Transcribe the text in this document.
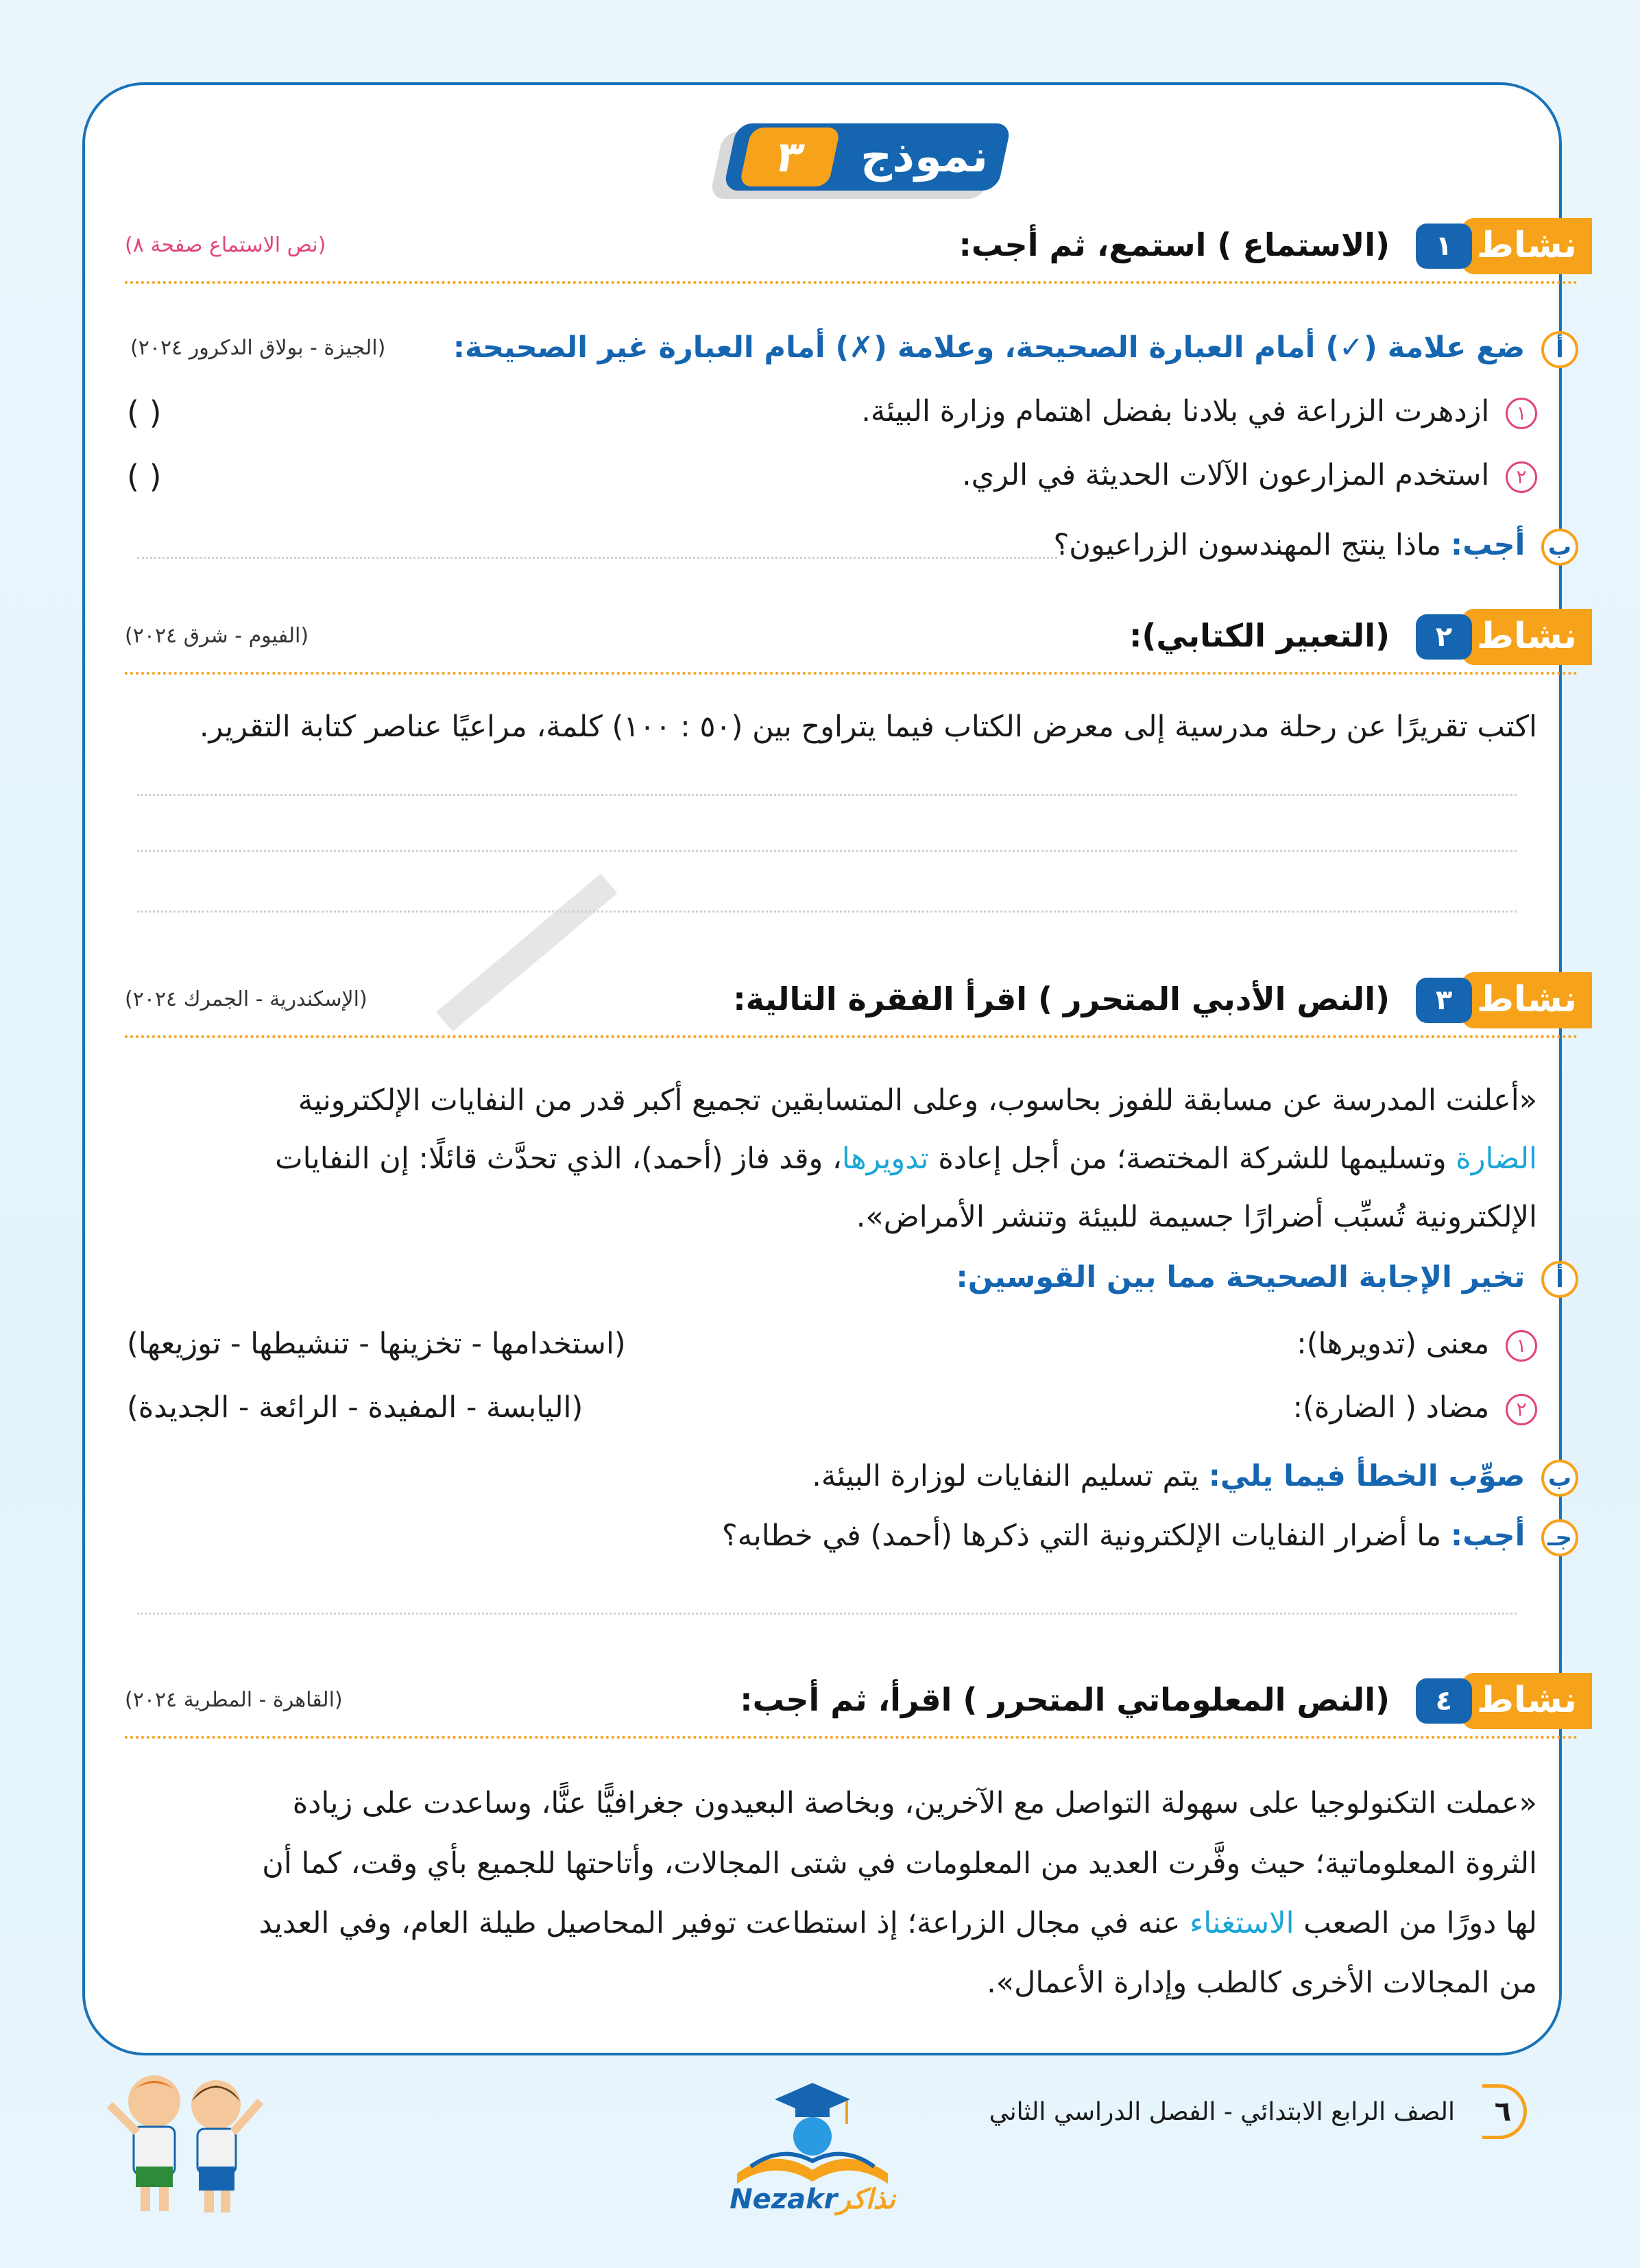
ـــ
نموذج
٣
نشاط
١
(الاستماع ) استمع، ثم أجب:
(نص الاستماع صفحة ٨)
أ ضع علامة (✓) أمام العبارة الصحيحة، وعلامة (✗) أمام العبارة غير الصحيحة:
(الجيزة - بولاق الدكرور ٢٠٢٤)
١ ازدهرت الزراعة في بلادنا بفضل اهتمام وزارة البيئة.
( )
٢ استخدم المزارعون الآلات الحديثة في الري.
( )
ب أجب: ماذا ينتج المهندسون الزراعيون؟
نشاط
٢
(التعبير الكتابي):
(الفيوم - شرق ٢٠٢٤)
اكتب تقريرًا عن رحلة مدرسية إلى معرض الكتاب فيما يتراوح بين (٥٠ : ١٠٠) كلمة، مراعيًا عناصر كتابة التقرير.
نشاط
٣
(النص الأدبي المتحرر ) اقرأ الفقرة التالية:
(الإسكندرية - الجمرك ٢٠٢٤)
«أعلنت المدرسة عن مسابقة للفوز بحاسوب، وعلى المتسابقين تجميع أكبر قدر من النفايات الإلكترونية
الضارة وتسليمها للشركة المختصة؛ من أجل إعادة تدويرها، وقد فاز (أحمد)، الذي تحدَّث قائلًا: إن النفايات
الإلكترونية تُسبِّب أضرارًا جسيمة للبيئة وتنشر الأمراض».
أ تخير الإجابة الصحيحة مما بين القوسين:
١ معنى (تدويرها):
(استخدامها - تخزينها - تنشيطها - توزيعها)
٢ مضاد ( الضارة):
(اليابسة - المفيدة - الرائعة - الجديدة)
ب صوِّب الخطأ فيما يلي: يتم تسليم النفايات لوزارة البيئة.
جـ أجب: ما أضرار النفايات الإلكترونية التي ذكرها (أحمد) في خطابه؟
نشاط
٤
(النص المعلوماتي المتحرر ) اقرأ، ثم أجب:
(القاهرة - المطرية ٢٠٢٤)
«عملت التكنولوجيا على سهولة التواصل مع الآخرين، وبخاصة البعيدون جغرافيًّا عنًّا، وساعدت على زيادة
الثروة المعلوماتية؛ حيث وفَّرت العديد من المعلومات في شتى المجالات، وأتاحتها للجميع بأي وقت، كما أن
لها دورًا من الصعب الاستغناء عنه في مجال الزراعة؛ إذ استطاعت توفير المحاصيل طيلة العام، وفي العديد
من المجالات الأخرى كالطب وإدارة الأعمال».
٦
الصف الرابع الابتدائي - الفصل الدراسي الثاني
Nezakrنذاكر
